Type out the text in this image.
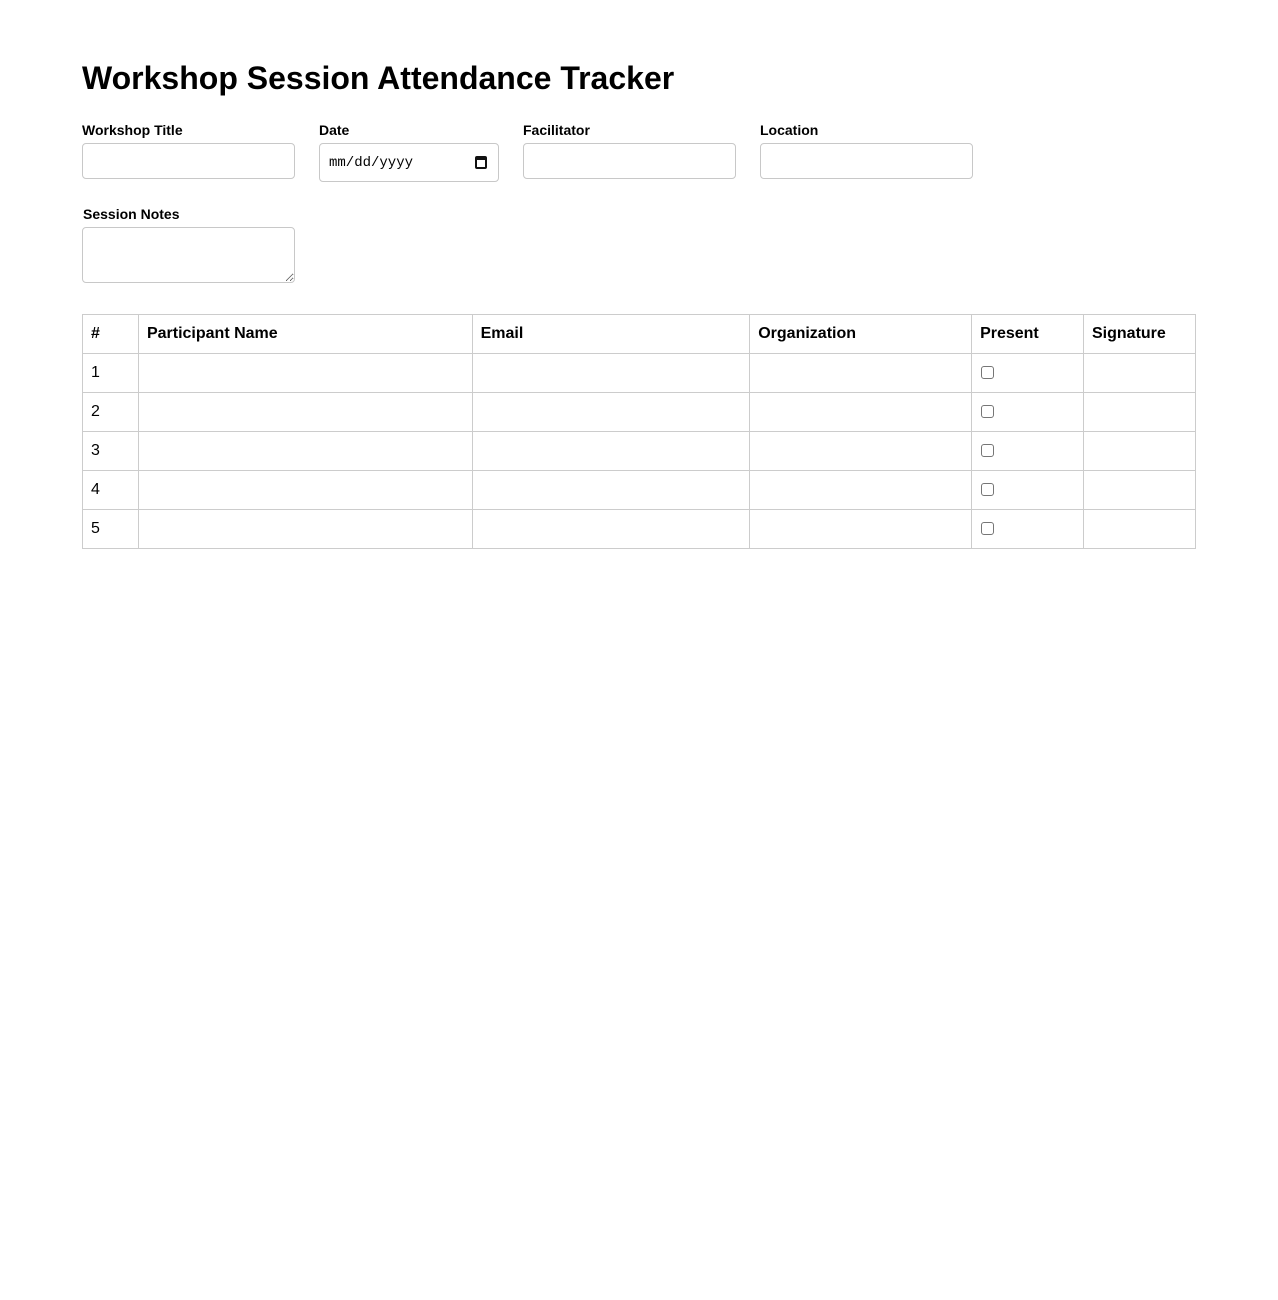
Workshop Session Attendance Tracker
Workshop Title	Date
mm/dd/yyyy
Facilitator	Location
Session Notes
#	Participant Name	Email	Organization	Present	Signature
1					
2					
3					
4					
5					
